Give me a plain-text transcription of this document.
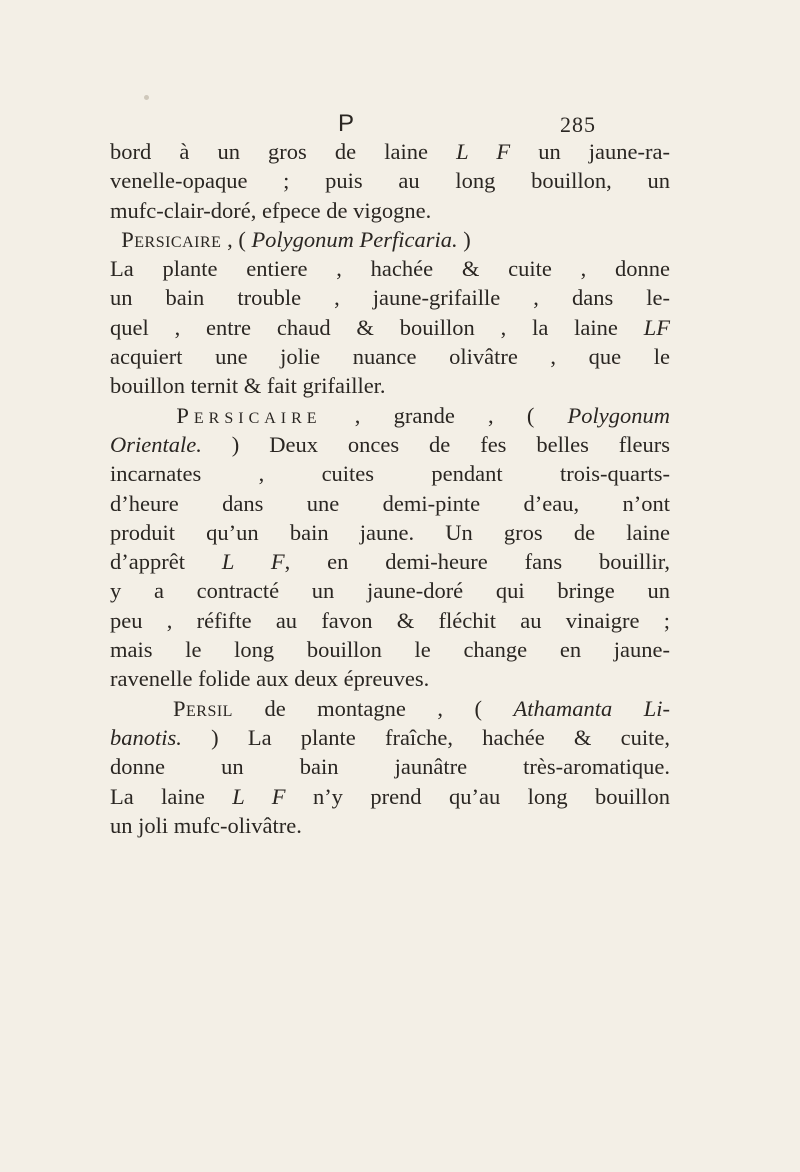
P	285
bord à un gros de laine L F un jaune-ra-
venelle-opaque ; puis au long bouillon, un
mufc-clair-doré, efpece de vigogne.
Persicaire , ( Polygonum Perficaria. )
La plante entiere , hachée & cuite , donne
un bain trouble , jaune-grifaille , dans le-
quel , entre chaud & bouillon , la laine LF
acquiert une jolie nuance olivâtre , que le
bouillon ternit & fait grifailler.
Persicaire , grande , ( Polygonum
Orientale. ) Deux onces de fes belles fleurs
incarnates , cuites pendant trois-quarts-
d’heure dans une demi-pinte d’eau, n’ont
produit qu’un bain jaune. Un gros de laine
d’apprêt L F, en demi-heure fans bouillir,
y a contracté un jaune-doré qui bringe un
peu , réfifte au favon & fléchit au vinaigre ;
mais le long bouillon le change en jaune-
ravenelle folide aux deux épreuves.
Persil de montagne , ( Athamanta Li-
banotis. ) La plante fraîche, hachée & cuite,
donne un bain jaunâtre très-aromatique.
La laine L F n’y prend qu’au long bouillon
un joli mufc-olivâtre.
